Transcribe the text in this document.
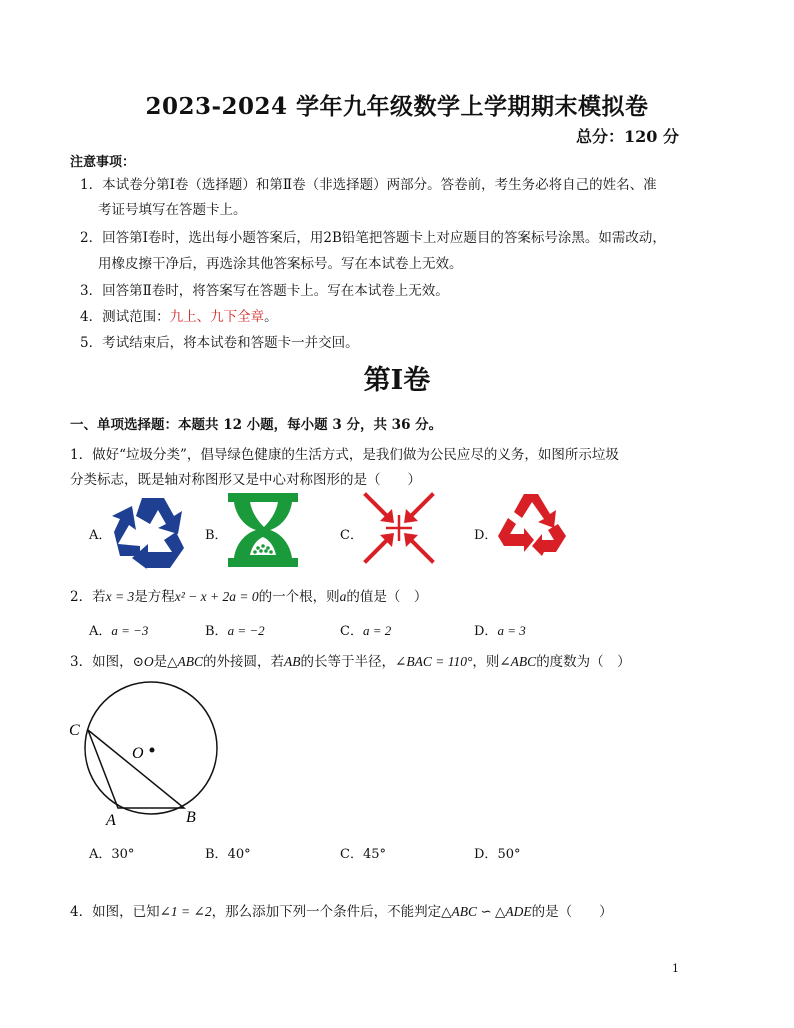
2023-2024 学年九年级数学上学期期末模拟卷
总分：120 分
注意事项：
1．本试卷分第Ⅰ卷（选择题）和第Ⅱ卷（非选择题）两部分。答卷前，考生务必将自己的姓名、准
考证号填写在答题卡上。
2．回答第Ⅰ卷时，选出每小题答案后，用2B铅笔把答题卡上对应题目的答案标号涂黑。如需改动，
用橡皮擦干净后，再选涂其他答案标号。写在本试卷上无效。
3．回答第Ⅱ卷时，将答案写在答题卡上。写在本试卷上无效。
4．测试范围：九上、九下全章。
5．考试结束后，将本试卷和答题卡一并交回。
第Ⅰ卷
一、单项选择题：本题共 12 小题，每小题 3 分，共 36 分。
1．做好“垃圾分类”，倡导绿色健康的生活方式，是我们做为公民应尽的义务，如图所示垃圾
分类标志，既是轴对称图形又是中心对称图形的是（　　）
A．	B．	C．	D．
2．若x = 3是方程x² − x + 2a = 0的一个根，则a的值是（　）
A．a = −3	B．a = −2	C．a = 2	D．a = 3
3．如图，⊙O是△ABC的外接圆，若AB的长等于半径，∠BAC = 110°，则∠ABC的度数为（　）
C
O
A	B
A．30°	B．40°	C．45°	D．50°
4．如图，已知∠1 = ∠2，那么添加下列一个条件后，不能判定△ABC ∽ △ADE的是（　　）
1
